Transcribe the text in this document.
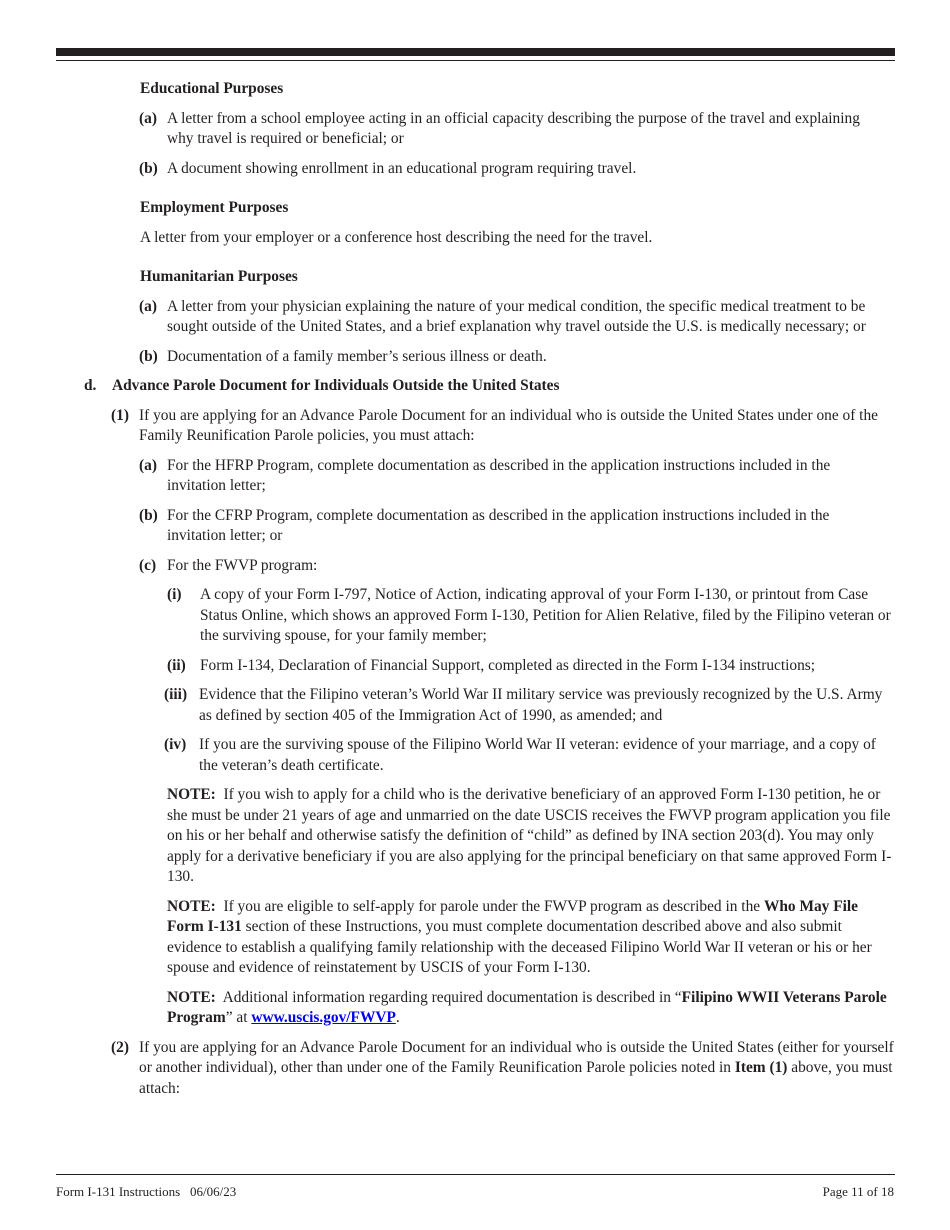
Educational Purposes
(a) A letter from a school employee acting in an official capacity describing the purpose of the travel and explaining why travel is required or beneficial; or
(b) A document showing enrollment in an educational program requiring travel.
Employment Purposes
A letter from your employer or a conference host describing the need for the travel.
Humanitarian Purposes
(a) A letter from your physician explaining the nature of your medical condition, the specific medical treatment to be sought outside of the United States, and a brief explanation why travel outside the U.S. is medically necessary; or
(b) Documentation of a family member’s serious illness or death.
d. Advance Parole Document for Individuals Outside the United States
(1) If you are applying for an Advance Parole Document for an individual who is outside the United States under one of the Family Reunification Parole policies, you must attach:
(a) For the HFRP Program, complete documentation as described in the application instructions included in the invitation letter;
(b) For the CFRP Program, complete documentation as described in the application instructions included in the invitation letter; or
(c) For the FWVP program:
(i) A copy of your Form I-797, Notice of Action, indicating approval of your Form I-130, or printout from Case Status Online, which shows an approved Form I-130, Petition for Alien Relative, filed by the Filipino veteran or the surviving spouse, for your family member;
(ii) Form I-134, Declaration of Financial Support, completed as directed in the Form I-134 instructions;
(iii) Evidence that the Filipino veteran’s World War II military service was previously recognized by the U.S. Army as defined by section 405 of the Immigration Act of 1990, as amended; and
(iv) If you are the surviving spouse of the Filipino World War II veteran: evidence of your marriage, and a copy of the veteran’s death certificate.
NOTE: If you wish to apply for a child who is the derivative beneficiary of an approved Form I-130 petition, he or she must be under 21 years of age and unmarried on the date USCIS receives the FWVP program application you file on his or her behalf and otherwise satisfy the definition of “child” as defined by INA section 203(d). You may only apply for a derivative beneficiary if you are also applying for the principal beneficiary on that same approved Form I-130.
NOTE: If you are eligible to self-apply for parole under the FWVP program as described in the Who May File Form I-131 section of these Instructions, you must complete documentation described above and also submit evidence to establish a qualifying family relationship with the deceased Filipino World War II veteran or his or her spouse and evidence of reinstatement by USCIS of your Form I-130.
NOTE: Additional information regarding required documentation is described in “Filipino WWII Veterans Parole Program” at www.uscis.gov/FWVP.
(2) If you are applying for an Advance Parole Document for an individual who is outside the United States (either for yourself or another individual), other than under one of the Family Reunification Parole policies noted in Item (1) above, you must attach:
Form I-131 Instructions 06/06/23	Page 11 of 18
